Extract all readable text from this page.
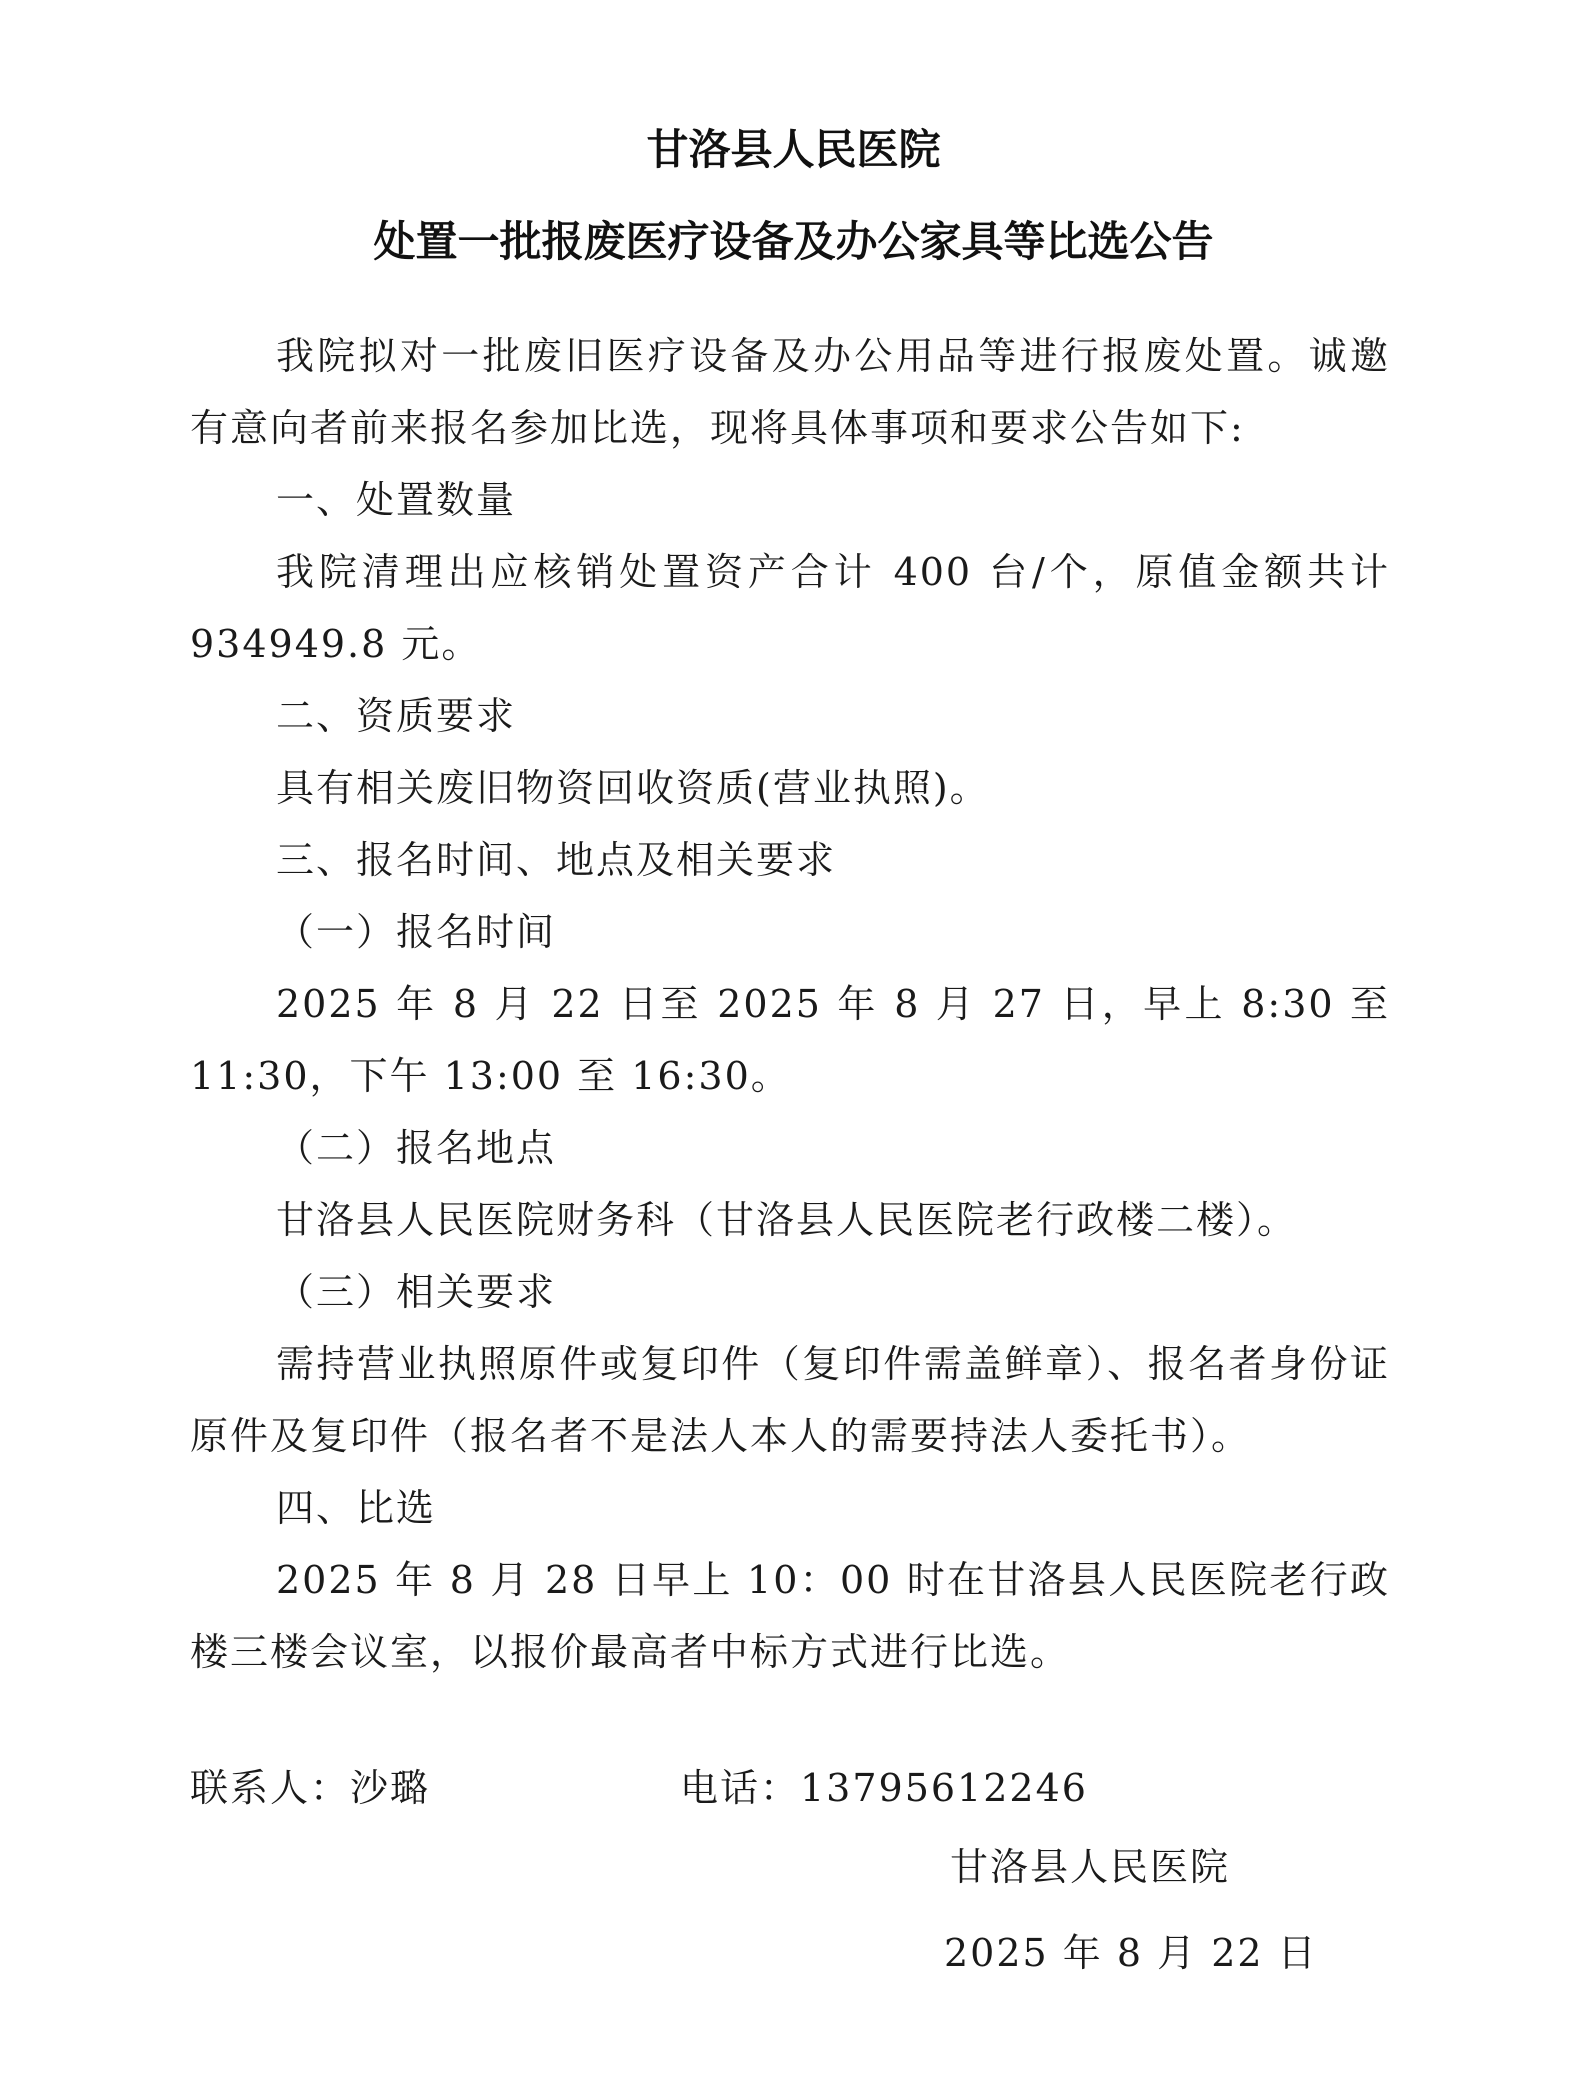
甘洛县人民医院
处置一批报废医疗设备及办公家具等比选公告

我院拟对一批废旧医疗设备及办公用品等进行报废处置。诚邀有意向者前来报名参加比选，现将具体事项和要求公告如下:

一、处置数量

我院清理出应核销处置资产合计 400 台/个，原值金额共计 934949.8 元。

二、资质要求

具有相关废旧物资回收资质(营业执照)。

三、报名时间、地点及相关要求

（一）报名时间

2025 年 8 月 22 日至 2025 年 8 月 27 日，早上 8:30 至 11:30，下午 13:00 至 16:30。

（二）报名地点

甘洛县人民医院财务科（甘洛县人民医院老行政楼二楼）。

（三）相关要求

需持营业执照原件或复印件（复印件需盖鲜章）、报名者身份证原件及复印件（报名者不是法人本人的需要持法人委托书）。

四、比选

2025 年 8 月 28 日早上 10：00 时在甘洛县人民医院老行政楼三楼会议室，以报价最高者中标方式进行比选。

联系人：沙璐	电话：13795612246
甘洛县人民医院
2025 年 8 月 22 日
